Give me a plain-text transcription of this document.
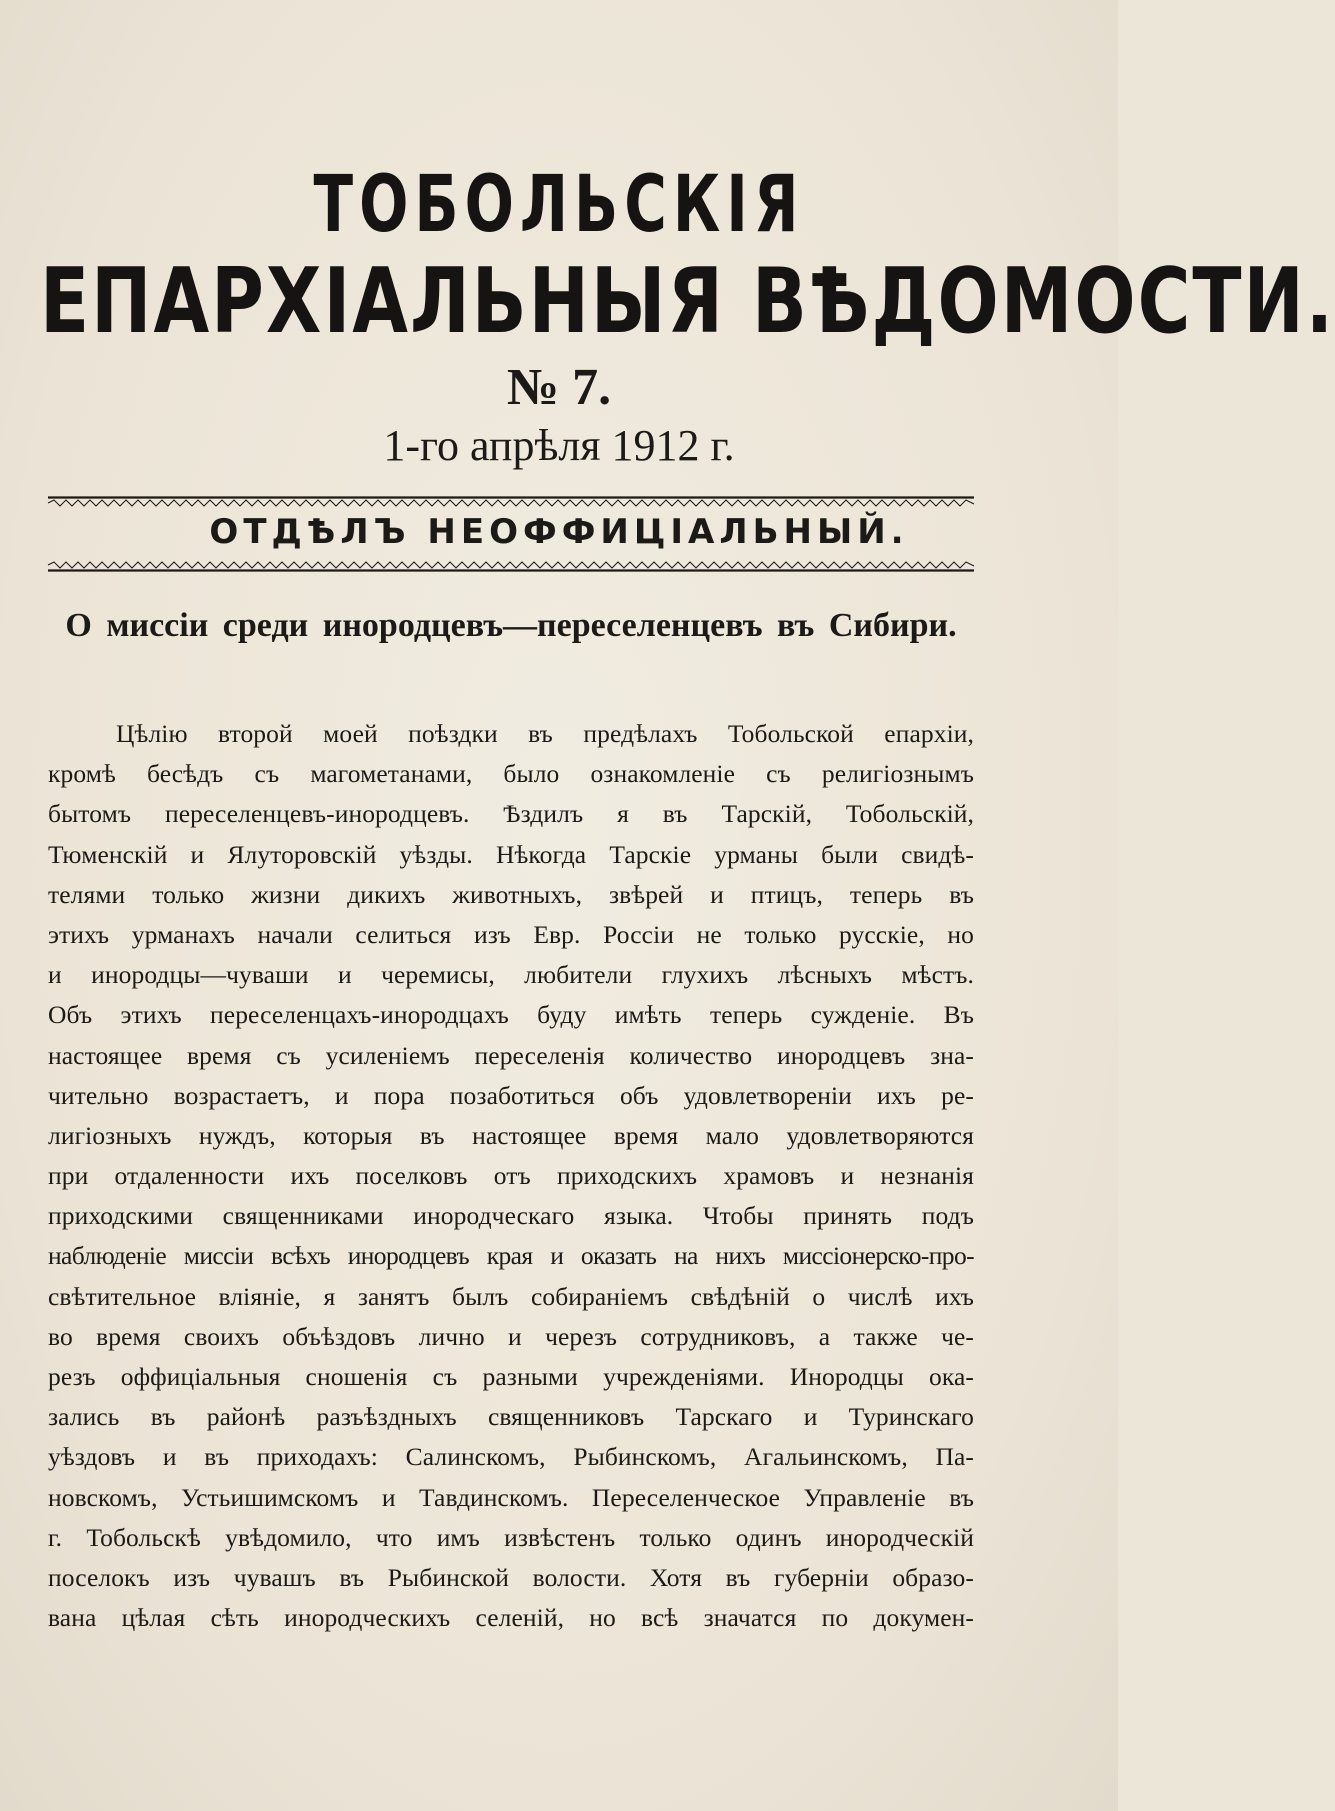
ТОБОЛЬСКІЯ
ЕПАРХІАЛЬНЫЯ ВѢДОМОСТИ.
№ 7.
1-го апрѣля 1912 г.
ОТДѢЛЪ НЕОФФИЦІАЛЬНЫЙ.
О миссіи среди инородцевъ—переселенцевъ въ Сибири.
Цѣлію второй моей поѣздки въ предѣлахъ Тобольской епархіи,
кромѣ бесѣдъ съ магометанами, было ознакомленіе съ религіознымъ
бытомъ переселенцевъ-инородцевъ. Ѣздилъ я въ Тарскій, Тобольскій,
Тюменскій и Ялуторовскій уѣзды. Нѣкогда Тарскіе урманы были свидѣ-
телями только жизни дикихъ животныхъ, звѣрей и птицъ, теперь въ
этихъ урманахъ начали селиться изъ Евр. Россіи не только русскіе, но
и инородцы—чуваши и черемисы, любители глухихъ лѣсныхъ мѣстъ.
Объ этихъ переселенцахъ-инородцахъ буду имѣть теперь сужденіе. Въ
настоящее время съ усиленіемъ переселенія количество инородцевъ зна-
чительно возрастаетъ, и пора позаботиться объ удовлетвореніи ихъ ре-
лигіозныхъ нуждъ, которыя въ настоящее время мало удовлетворяются
при отдаленности ихъ поселковъ отъ приходскихъ храмовъ и незнанія
приходскими священниками инородческаго языка. Чтобы принять подъ
наблюденіе миссіи всѣхъ инородцевъ края и оказать на нихъ миссіонерско-про-
свѣтительное вліяніе, я занятъ былъ собираніемъ свѣдѣній о числѣ ихъ
во время своихъ объѣздовъ лично и черезъ сотрудниковъ, а также че-
резъ оффиціальныя сношенія съ разными учрежденіями. Инородцы ока-
зались въ районѣ разъѣздныхъ священниковъ Тарскаго и Туринскаго
уѣздовъ и въ приходахъ: Салинскомъ, Рыбинскомъ, Агальинскомъ, Па-
новскомъ, Устьишимскомъ и Тавдинскомъ. Переселенческое Управленіе въ
г. Тобольскѣ увѣдомило, что имъ извѣстенъ только одинъ инородческій
поселокъ изъ чувашъ въ Рыбинской волости. Хотя въ губерніи образо-
вана цѣлая сѣть инородческихъ селеній, но всѣ значатся по докумен-
